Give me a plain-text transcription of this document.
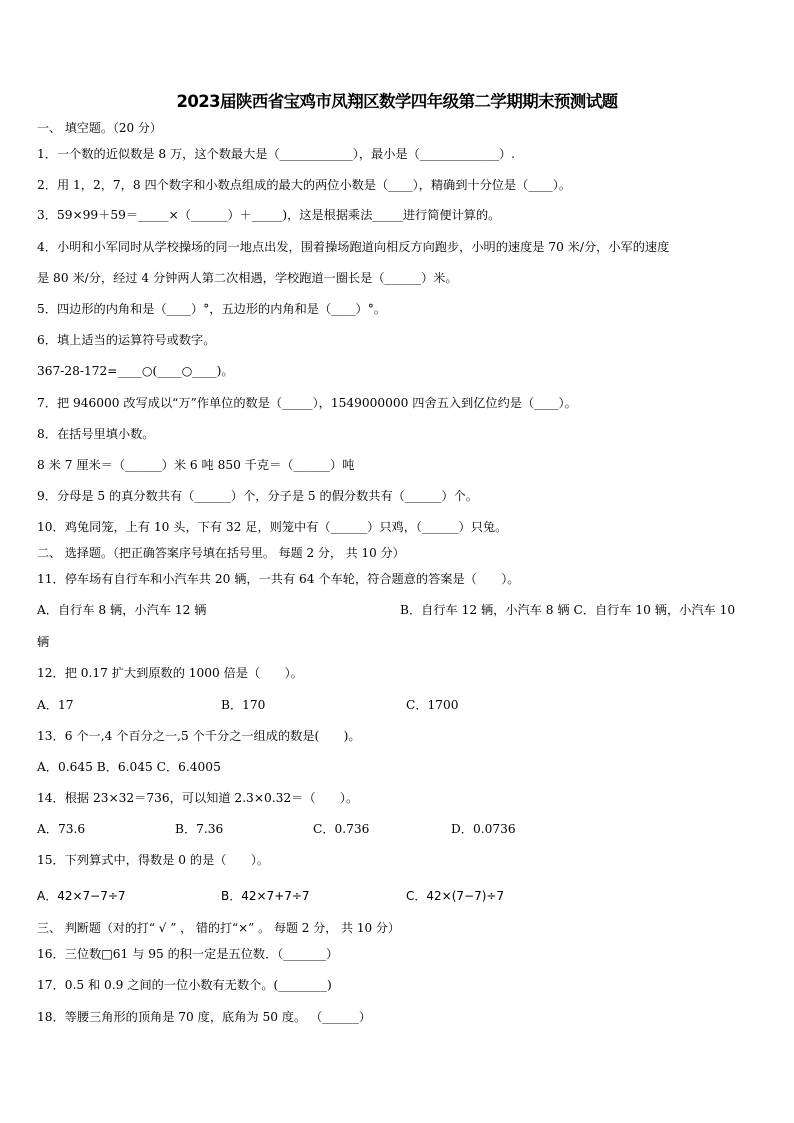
2023届陕西省宝鸡市凤翔区数学四年级第二学期期末预测试题
一、 填空题。（20 分）
1．一个数的近似数是 8 万，这个数最大是（____________），最小是（_____________）.
2．用 1，2，7，8 四个数字和小数点组成的最大的两位小数是（____），精确到十分位是（____）。
3．59×99＋59＝_____×（______）＋_____)，这是根据乘法_____进行简便计算的。
4．小明和小军同时从学校操场的同一地点出发，围着操场跑道向相反方向跑步，小明的速度是 70 米/分，小军的速度
是 80 米/分，经过 4 分钟两人第二次相遇，学校跑道一圈长是（______）米。
5．四边形的内角和是（____）°，五边形的内角和是（____）°。
6．填上适当的运算符号或数字。
367-28-172=____○(____○____)。
7．把 946000 改写成以“万”作单位的数是（_____），1549000000 四舍五入到亿位约是（____）。
8．在括号里填小数。
8 米 7 厘米＝（______）米 6 吨 850 千克＝（______）吨
9．分母是 5 的真分数共有（______）个，分子是 5 的假分数共有（______）个。
10．鸡兔同笼，上有 10 头，下有 32 足，则笼中有（______）只鸡，（______）只兔。
二、 选择题。（把正确答案序号填在括号里。 每题 2 分， 共 10 分）
11．停车场有自行车和小汽车共 20 辆，一共有 64 个车轮，符合题意的答案是（　　）。
A．自行车 8 辆，小汽车 12 辆	B．自行车 12 辆，小汽车 8 辆 C．自行车 10 辆，小汽车 10
辆
12．把 0.17 扩大到原数的 1000 倍是（　　）。
A．17	B．170	C．1700
13．6 个一,4 个百分之一,5 个千分之一组成的数是(　　)。
A．0.645 B．6.045 C．6.4005
14．根据 23×32＝736，可以知道 2.3×0.32＝（　　）。
A．73.6	B．7.36	C．0.736	D．0.0736
15．下列算式中，得数是 0 的是（　　）。
A．42×7−7÷7	B．42×7+7÷7	C．42×(7−7)÷7
三、 判断题（对的打“ √ ” ， 错的打“×” 。 每题 2 分， 共 10 分）
16．三位数□61 与 95 的积一定是五位数．（_______）
17．0.5 和 0.9 之间的一位小数有无数个。(________)
18．等腰三角形的顶角是 70 度，底角为 50 度。 （______）
